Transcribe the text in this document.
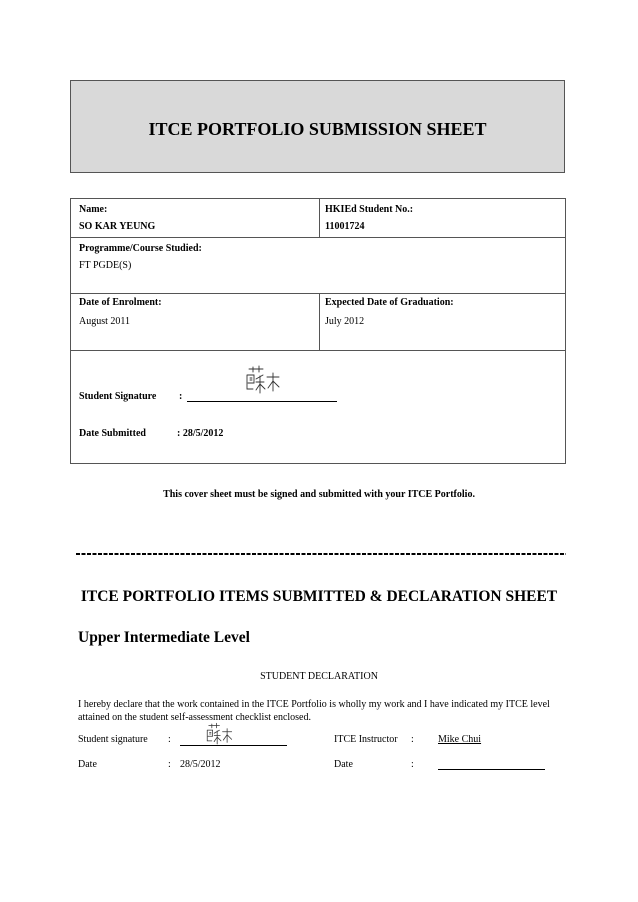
ITCE PORTFOLIO SUBMISSION SHEET
Name:
SO KAR YEUNG
HKIEd Student No.:
11001724
Programme/Course Studied:
FT PGDE(S)
Date of Enrolment:
August 2011
Expected Date of Graduation:
July 2012
Student Signature :
Date Submitted	: 28/5/2012
This cover sheet must be signed and submitted with your ITCE Portfolio.
ITCE PORTFOLIO ITEMS SUBMITTED & DECLARATION SHEET
Upper Intermediate Level
STUDENT DECLARATION
I hereby declare that the work contained in the ITCE Portfolio is wholly my work and I have indicated my ITCE level attained on the student self-assessment checklist enclosed.
Student signature :	ITCE Instructor : Mike Chui
Date	: 28/5/2012	Date	:
